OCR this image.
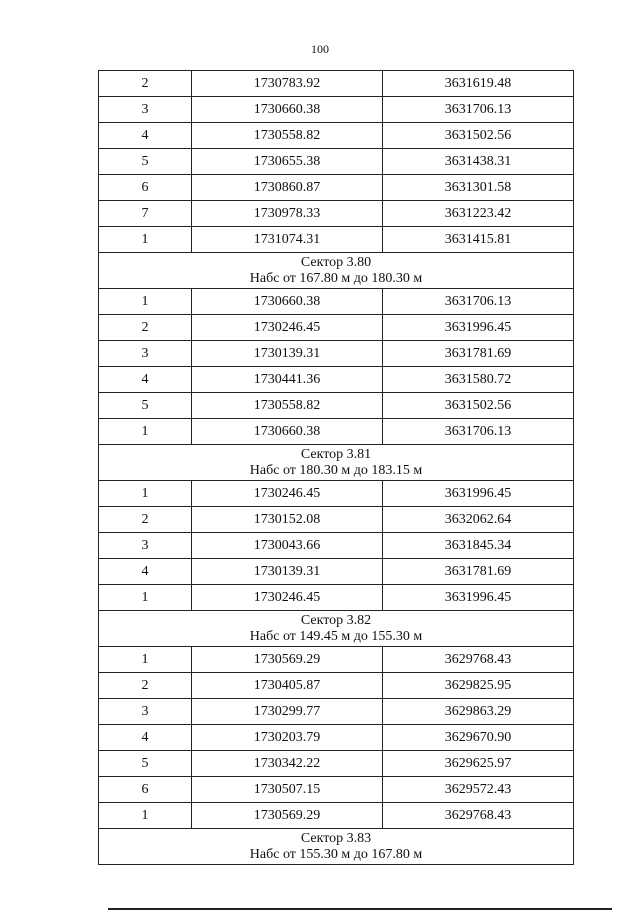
100
2	1730783.92	3631619.48
3	1730660.38	3631706.13
4	1730558.82	3631502.56
5	1730655.38	3631438.31
6	1730860.87	3631301.58
7	1730978.33	3631223.42
1	1731074.31	3631415.81

Сектор 3.80
Набс от 167.80 м до 180.30 м		

1	1730660.38	3631706.13
2	1730246.45	3631996.45
3	1730139.31	3631781.69
4	1730441.36	3631580.72
5	1730558.82	3631502.56
1	1730660.38	3631706.13

Сектор 3.81
Набс от 180.30 м до 183.15 м		

1	1730246.45	3631996.45
2	1730152.08	3632062.64
3	1730043.66	3631845.34
4	1730139.31	3631781.69
1	1730246.45	3631996.45

Сектор 3.82
Набс от 149.45 м до 155.30 м		

1	1730569.29	3629768.43
2	1730405.87	3629825.95
3	1730299.77	3629863.29
4	1730203.79	3629670.90
5	1730342.22	3629625.97
6	1730507.15	3629572.43
1	1730569.29	3629768.43

Сектор 3.83
Набс от 155.30 м до 167.80 м		
